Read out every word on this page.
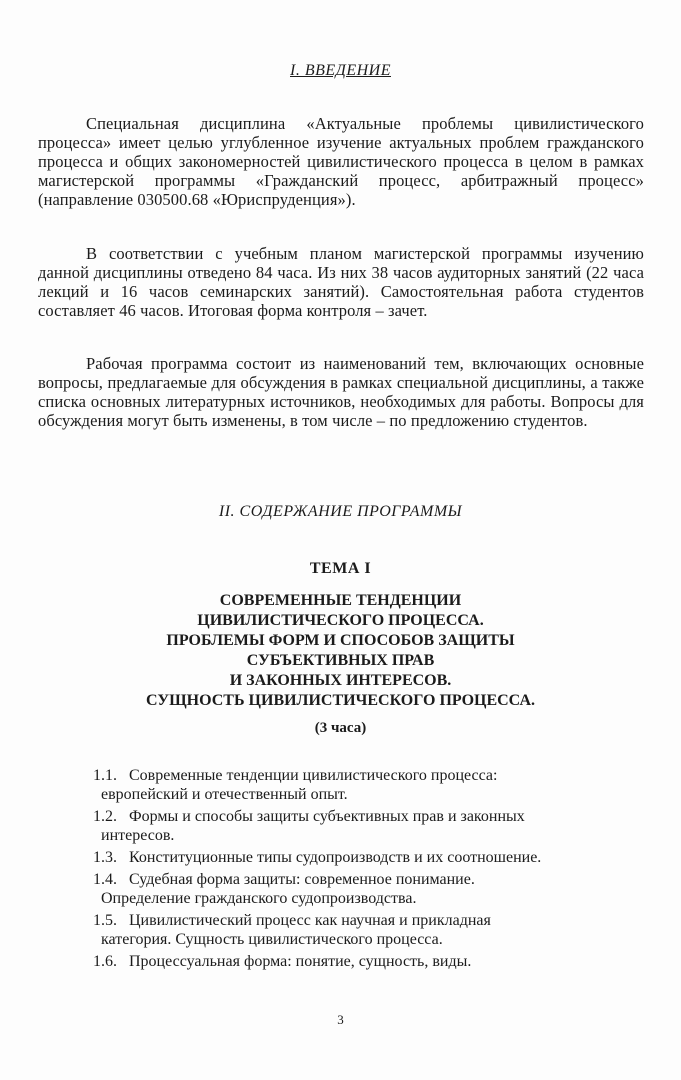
I. ВВЕДЕНИЕ

Специальная дисциплина «Актуальные проблемы цивилистического процесса» имеет целью углубленное изучение актуальных проблем гражданского процесса и общих закономерностей цивилистического процесса в целом в рамках магистерской программы «Гражданский процесс, арбитражный процесс» (направление 030500.68 «Юриспруденция»).

В соответствии с учебным планом магистерской программы изучению данной дисциплины отведено 84 часа. Из них 38 часов аудиторных занятий (22 часа лекций и 16 часов семинарских занятий). Самостоятельная работа студентов составляет 46 часов. Итоговая форма контроля – зачет.

Рабочая программа состоит из наименований тем, включающих основные вопросы, предлагаемые для обсуждения в рамках специальной дисциплины, а также списка основных литературных источников, необходимых для работы. Вопросы для обсуждения могут быть изменены, в том числе – по предложению студентов.

II. СОДЕРЖАНИЕ ПРОГРАММЫ
ТЕМА I
СОВРЕМЕННЫЕ ТЕНДЕНЦИИ
ЦИВИЛИСТИЧЕСКОГО ПРОЦЕССА.
ПРОБЛЕМЫ ФОРМ И СПОСОБОВ ЗАЩИТЫ
СУБЪЕКТИВНЫХ ПРАВ
И ЗАКОННЫХ ИНТЕРЕСОВ.
СУЩНОСТЬ ЦИВИЛИСТИЧЕСКОГО ПРОЦЕССА.
(3 часа)
1.1. Современные тенденции цивилистического процесса:
европейский и отечественный опыт.
1.2. Формы и способы защиты субъективных прав и законных
интересов.
1.3. Конституционные типы судопроизводств и их соотношение.
1.4. Судебная форма защиты: современное понимание.
Определение гражданского судопроизводства.
1.5. Цивилистический процесс как научная и прикладная
категория. Сущность цивилистического процесса.
1.6. Процессуальная форма: понятие, сущность, виды.
3
